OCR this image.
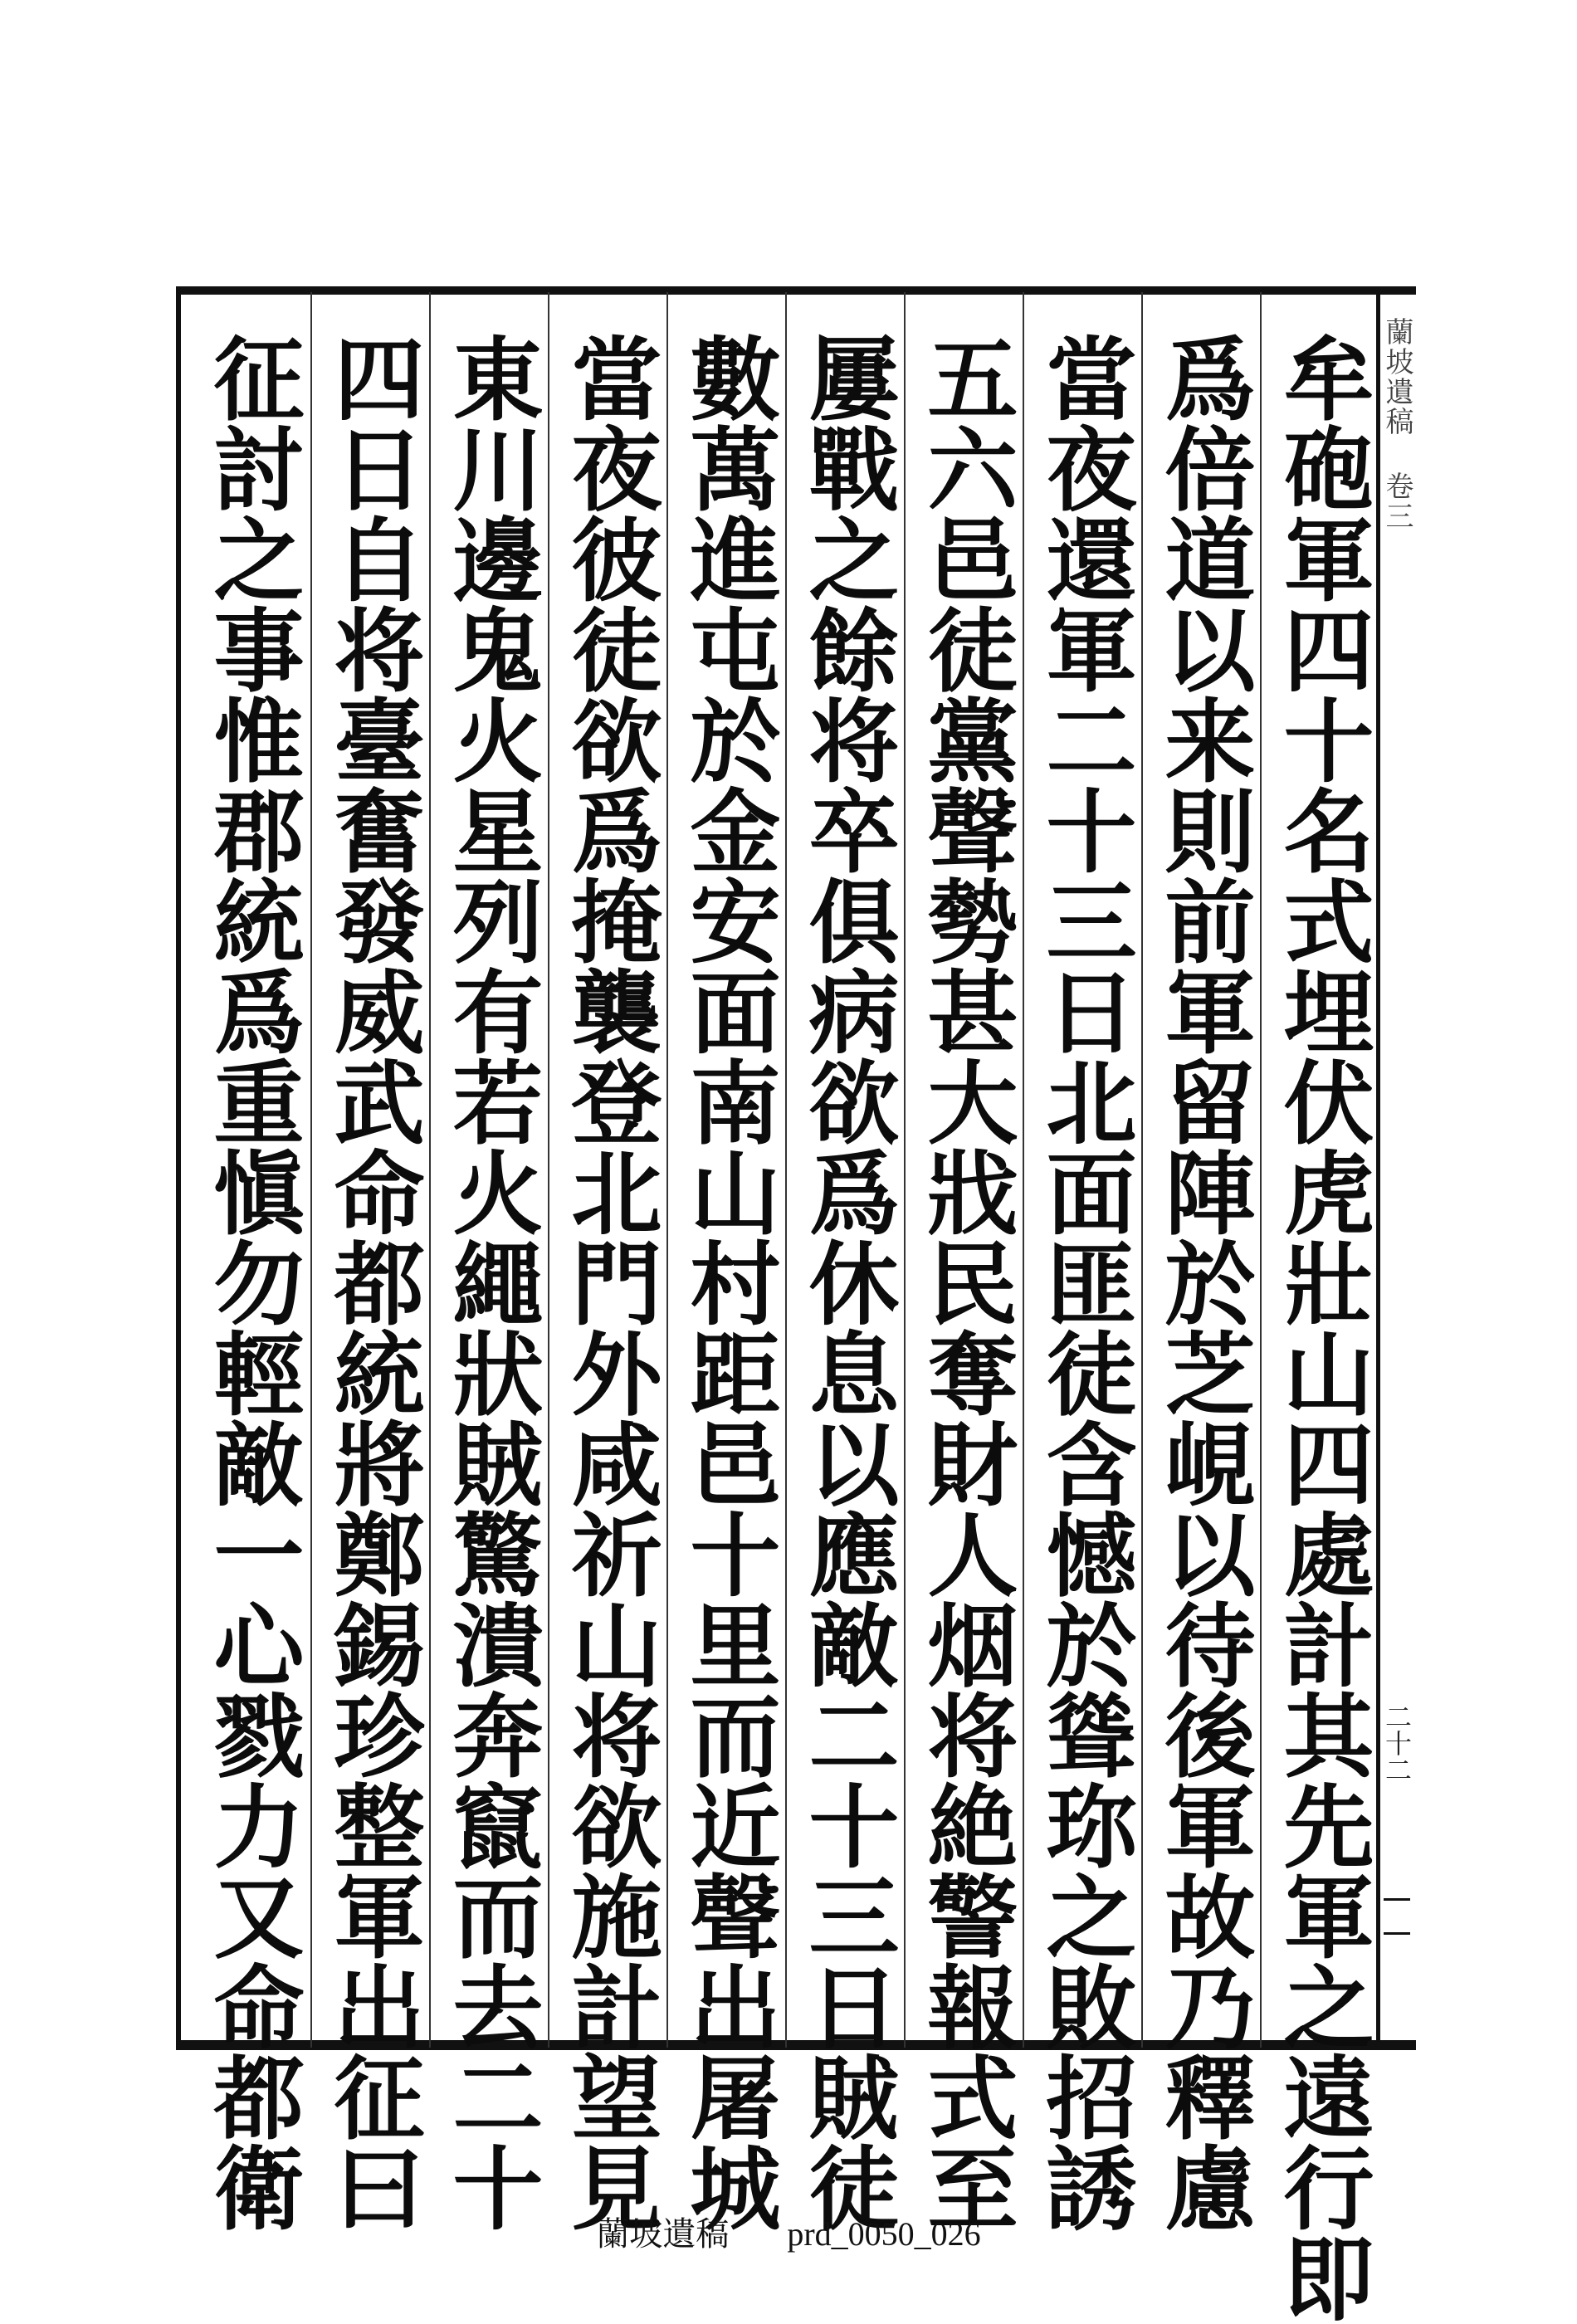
蘭坡遺稿 卷三
二十二
牟砲軍四十名式埋伏虎壯山四處計其先軍之遠行即
爲倍道以来則前軍留陣於芝峴以待後軍故乃釋慮
當夜還軍二十三日北面匪徒含憾於聳珎之敗招誘
五六邑徒黨聲勢甚大戕民奪財人烟将絶警報式至
屢戰之餘将卒俱病欲爲休息以應敵二十三日賊徒
數萬進屯於金安面南山村距邑十里而近聲出屠城
當夜彼徒欲爲掩襲登北門外咸祈山将欲施計望見
東川邊鬼火星列有若火繩狀賊驚潰奔竄而去二十
四日自将臺奮發威武命都統將鄭錫珍整軍出征曰
征討之事惟郡統爲重愼勿輕敵一心戮力又命都衛
蘭坡遺稿 prd_0050_026
